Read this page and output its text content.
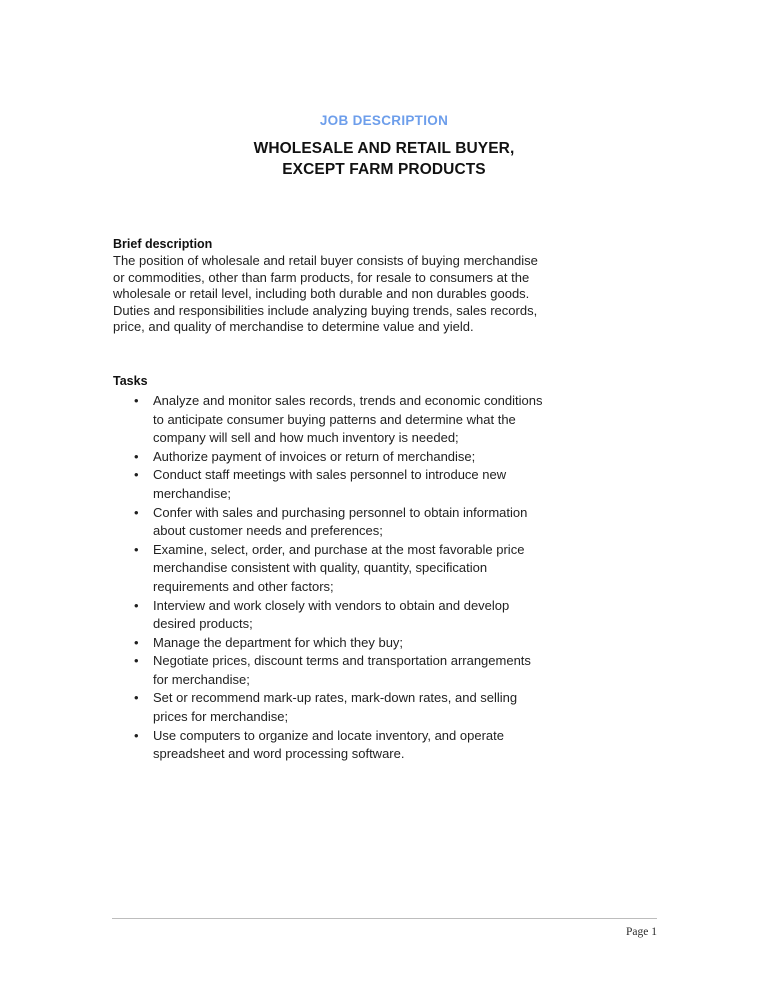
JOB DESCRIPTION
WHOLESALE AND RETAIL BUYER,
EXCEPT FARM PRODUCTS
Brief description

The position of wholesale and retail buyer consists of buying merchandise or commodities, other than farm products, for resale to consumers at the wholesale or retail level, including both durable and non durables goods. Duties and responsibilities include analyzing buying trends, sales records, price, and quality of merchandise to determine value and yield.

Tasks
•	Analyze and monitor sales records, trends and economic conditions to anticipate consumer buying patterns and determine what the company will sell and how much inventory is needed;
•	Authorize payment of invoices or return of merchandise;
•	Conduct staff meetings with sales personnel to introduce new merchandise;
•	Confer with sales and purchasing personnel to obtain information about customer needs and preferences;
•	Examine, select, order, and purchase at the most favorable price merchandise consistent with quality, quantity, specification requirements and other factors;
•	Interview and work closely with vendors to obtain and develop desired products;
•	Manage the department for which they buy;
•	Negotiate prices, discount terms and transportation arrangements for merchandise;
•	Set or recommend mark-up rates, mark-down rates, and selling prices for merchandise;
•	Use computers to organize and locate inventory, and operate spreadsheet and word processing software.
Page 1
